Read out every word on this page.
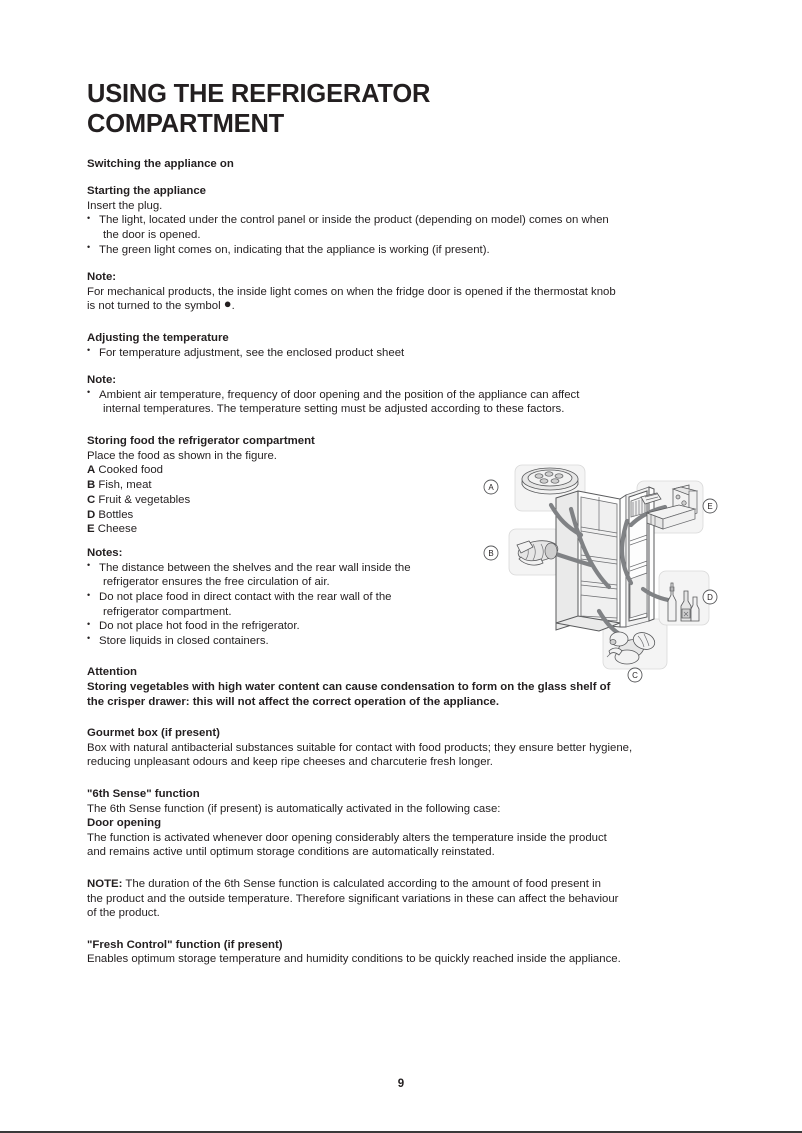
USING THE REFRIGERATOR
COMPARTMENT
Switching the appliance on
Starting the appliance
Insert the plug.
• The light, located under the control panel or inside the product (depending on model) comes on when
the door is opened.
• The green light comes on, indicating that the appliance is working (if present).
Note:
For mechanical products, the inside light comes on when the fridge door is opened if the thermostat knob
is not turned to the symbol ●.
Adjusting the temperature
• For temperature adjustment, see the enclosed product sheet
Note:
• Ambient air temperature, frequency of door opening and the position of the appliance can affect
internal temperatures. The temperature setting must be adjusted according to these factors.
Storing food the refrigerator compartment
Place the food as shown in the figure.
A Cooked food
B Fish, meat
C Fruit & vegetables
D Bottles
E Cheese
Notes:
• The distance between the shelves and the rear wall inside the
refrigerator ensures the free circulation of air.
• Do not place food in direct contact with the rear wall of the
refrigerator compartment.
• Do not place hot food in the refrigerator.
• Store liquids in closed containers.
Attention
Storing vegetables with high water content can cause condensation to form on the glass shelf of
the crisper drawer: this will not affect the correct operation of the appliance.
Gourmet box (if present)
Box with natural antibacterial substances suitable for contact with food products; they ensure better hygiene,
reducing unpleasant odours and keep ripe cheeses and charcuterie fresh longer.
"6th Sense" function
The 6th Sense function (if present) is automatically activated in the following case:
Door opening
The function is activated whenever door opening considerably alters the temperature inside the product
and remains active until optimum storage conditions are automatically reinstated.
NOTE: The duration of the 6th Sense function is calculated according to the amount of food present in
the product and the outside temperature. Therefore significant variations in these can affect the behaviour
of the product.
"Fresh Control" function (if present)
Enables optimum storage temperature and humidity conditions to be quickly reached inside the appliance.
A
B
C
D
E
9
